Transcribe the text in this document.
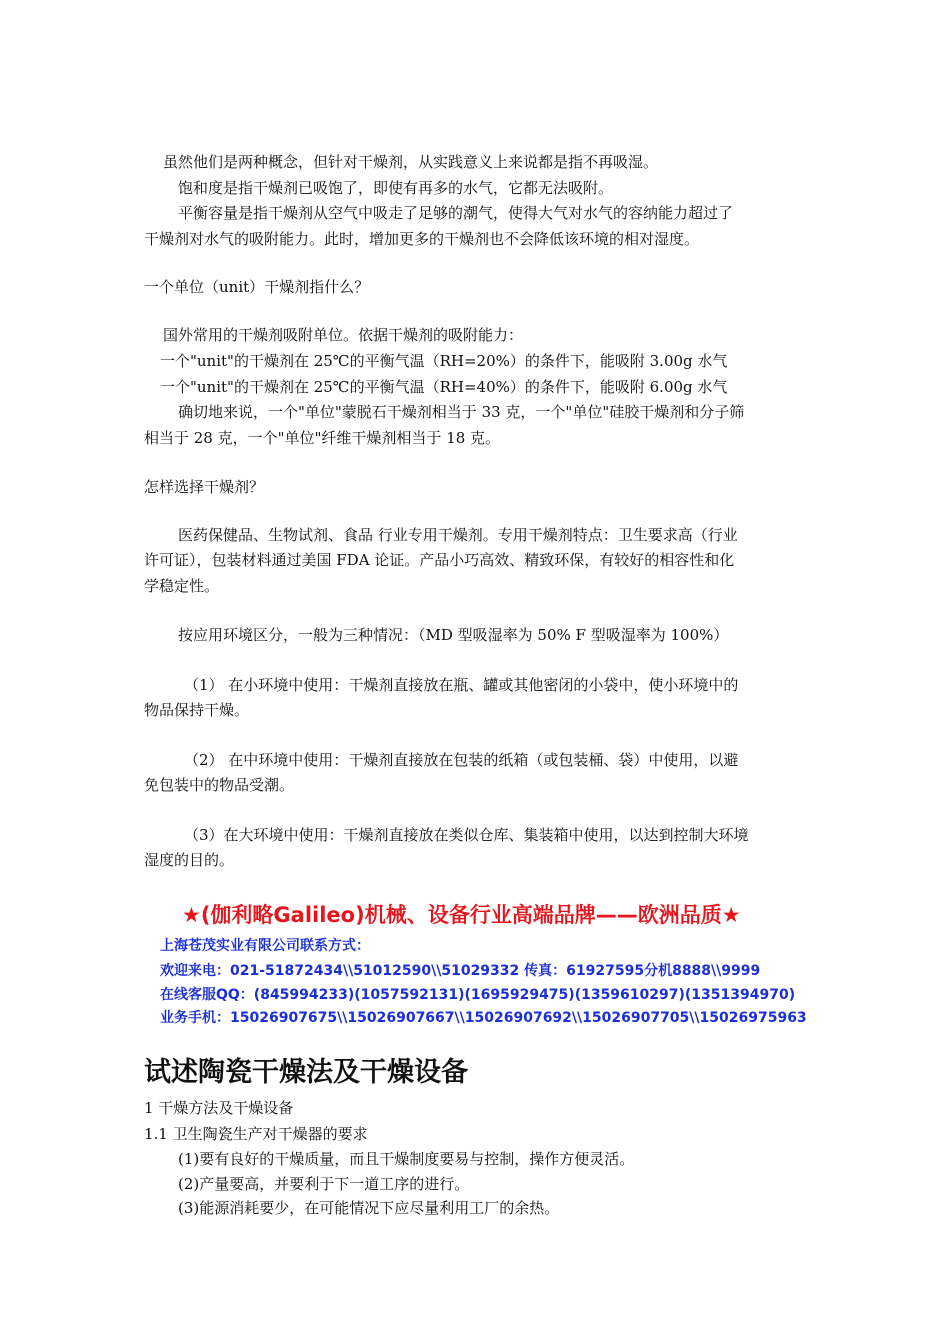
虽然他们是两种概念，但针对干燥剂，从实践意义上来说都是指不再吸湿。
饱和度是指干燥剂已吸饱了，即使有再多的水气，它都无法吸附。
平衡容量是指干燥剂从空气中吸走了足够的潮气，使得大气对水气的容纳能力超过了
干燥剂对水气的吸附能力。此时，增加更多的干燥剂也不会降低该环境的相对湿度。
一个单位（unit）干燥剂指什么？
国外常用的干燥剂吸附单位。依据干燥剂的吸附能力：
一个"unit"的干燥剂在 25℃的平衡气温（RH=20%）的条件下，能吸附 3.00g 水气
一个"unit"的干燥剂在 25℃的平衡气温（RH=40%）的条件下，能吸附 6.00g 水气
确切地来说，一个"单位"蒙脱石干燥剂相当于 33 克，一个"单位"硅胶干燥剂和分子筛
相当于 28 克，一个"单位"纤维干燥剂相当于 18 克。
怎样选择干燥剂？
医药保健品、生物试剂、食品 行业专用干燥剂。专用干燥剂特点：卫生要求高（行业
许可证），包装材料通过美国 FDA 论证。产品小巧高效、精致环保，有较好的相容性和化
学稳定性。
按应用环境区分，一般为三种情况：（MD 型吸湿率为 50% F 型吸湿率为 100%）
（1） 在小环境中使用：干燥剂直接放在瓶、罐或其他密闭的小袋中，使小环境中的
物品保持干燥。
（2） 在中环境中使用：干燥剂直接放在包装的纸箱（或包装桶、袋）中使用，以避
免包装中的物品受潮。
（3）在大环境中使用：干燥剂直接放在类似仓库、集装箱中使用，以达到控制大环境
湿度的目的。
★(伽利略Galileo)机械、设备行业高端品牌——欧洲品质★
上海苍茂实业有限公司联系方式：
欢迎来电：021-51872434\\51012590\\51029332 传真：61927595分机8888\\9999
在线客服QQ：(845994233)(1057592131)(1695929475)(1359610297)(1351394970)
业务手机：15026907675\\15026907667\\15026907692\\15026907705\\15026975963
试述陶瓷干燥法及干燥设备
1 干燥方法及干燥设备
1.1 卫生陶瓷生产对干燥器的要求
(1)要有良好的干燥质量，而且干燥制度要易与控制，操作方便灵活。
(2)产量要高，并要利于下一道工序的进行。
(3)能源消耗要少，在可能情况下应尽量利用工厂的余热。
